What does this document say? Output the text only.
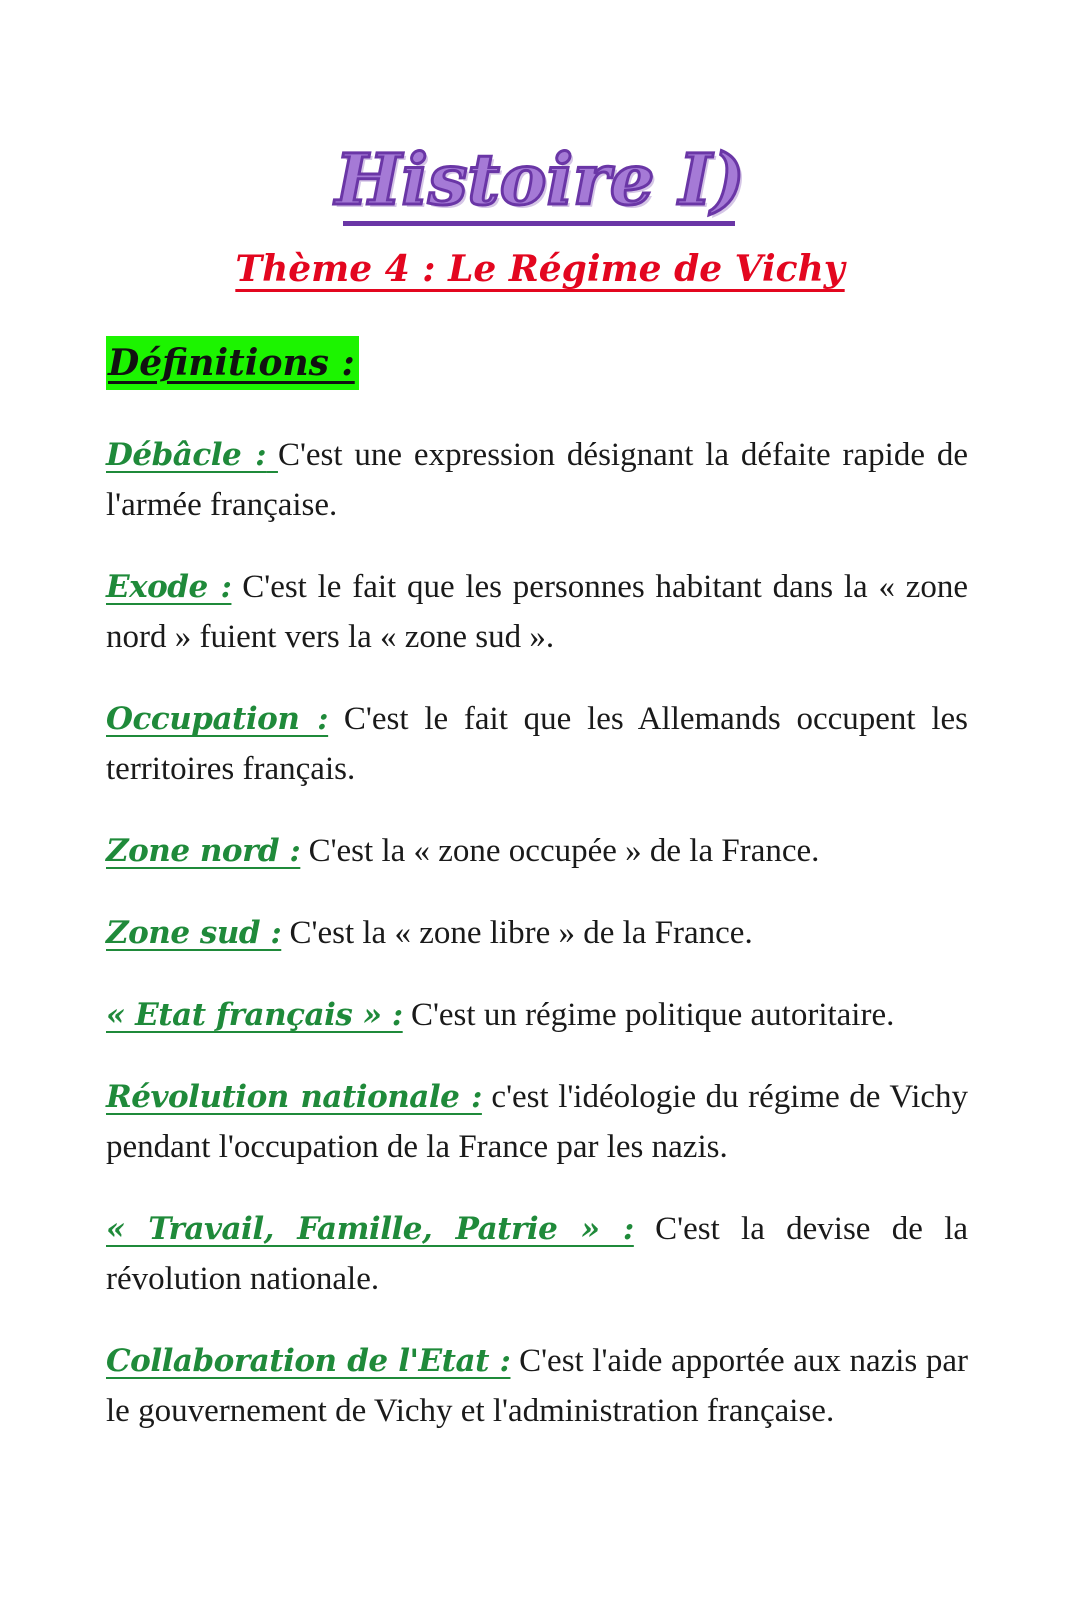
Histoire I)
Thème 4 : Le Régime de Vichy
Définitions :
Débâcle : C'est une expression désignant la défaite rapide de l'armée française.
Exode : C'est le fait que les personnes habitant dans la « zone nord » fuient vers la « zone sud ».
Occupation : C'est le fait que les Allemands occupent les territoires français.
Zone nord : C'est la « zone occupée » de la France.
Zone sud : C'est la « zone libre » de la France.
« Etat français » : C'est un régime politique autoritaire.
Révolution nationale : c'est l'idéologie du régime de Vichy pendant l'occupation de la France par les nazis.
« Travail, Famille, Patrie » : C'est la devise de la révolution nationale.
Collaboration de l'Etat : C'est l'aide apportée aux nazis par le gouvernement de Vichy et l'administration française.
